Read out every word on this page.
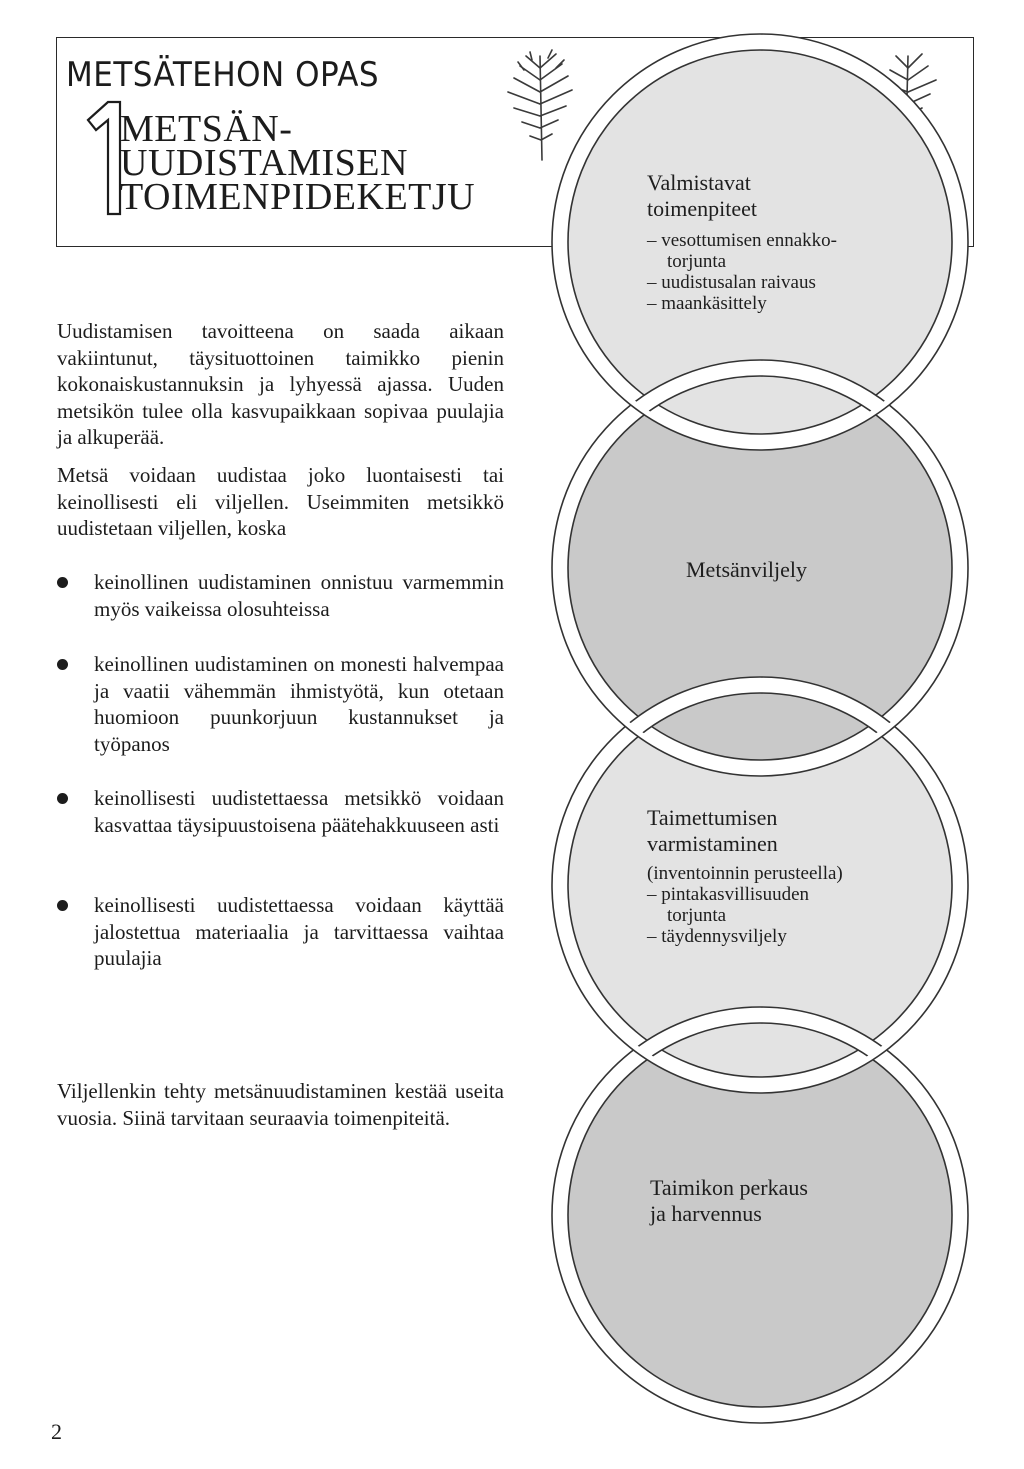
METSÄTEHON OPAS
METSÄN-
UUDISTAMISEN
TOIMENPIDEKETJU

Uudistamisen tavoitteena on saada aikaan vakiintunut, täysituottoinen taimikko pienin kokonaiskustannuksin ja lyhyessä ajassa. Uuden metsikön tulee olla kasvupaikkaan sopivaa puulajia ja alkuperää.

Metsä voidaan uudistaa joko luontaisesti tai keinollisesti eli viljellen. Useimmiten metsikkö uudistetaan viljellen, koska

keinollinen uudistaminen onnistuu varmemmin myös vaikeissa olosuhteissa
keinollinen uudistaminen on monesti halvempaa ja vaatii vähemmän ihmistyötä, kun otetaan huomioon puunkorjuun kustannukset ja työpanos
keinollisesti uudistettaessa metsikkö voidaan kasvattaa täysipuustoisena päätehakkuuseen asti
keinollisesti uudistettaessa voidaan käyttää jalostettua materiaalia ja tarvittaessa vaihtaa puulajia

Viljellenkin tehty metsänuudistaminen kestää useita vuosia. Siinä tarvitaan seuraavia toimenpiteitä.

Valmistavat
toimenpiteet
– vesottumisen ennakko-
torjunta
– uudistusalan raivaus
– maankäsittely
Metsänviljely
Taimettumisen
varmistaminen
(inventoinnin perusteella)
– pintakasvillisuuden
torjunta
– täydennysviljely
Taimikon perkaus
ja harvennus
2
